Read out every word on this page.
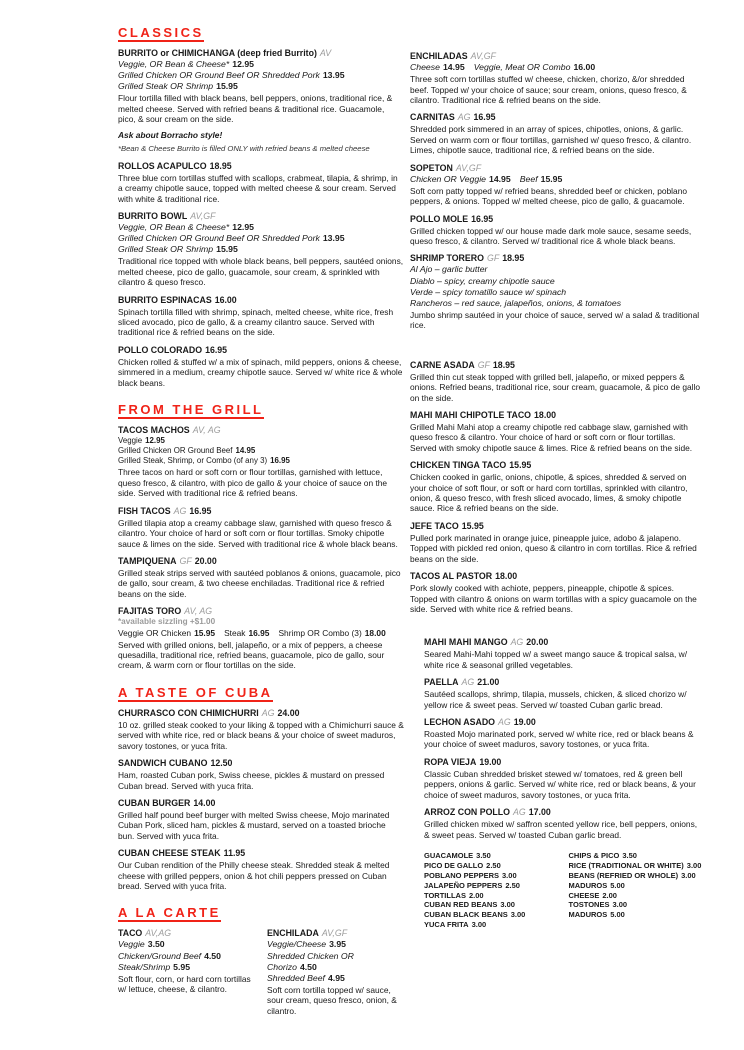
CLASSICS
BURRITO or CHIMICHANGA (deep fried Burrito) AV
Veggie, OR Bean & Cheese* 12.95
Grilled Chicken OR Ground Beef OR Shredded Pork 13.95
Grilled Steak OR Shrimp 15.95
Flour tortilla filled with black beans, bell peppers, onions, traditional rice, & melted cheese. Served with refried beans & traditional rice. Guacamole, pico, & sour cream on the side.
Ask about Borracho style!
*Bean & Cheese Burrito is filled ONLY with refried beans & melted cheese
ROLLOS ACAPULCO 18.95
Three blue corn tortillas stuffed with scallops, crabmeat, tilapia, & shrimp, in a creamy chipotle sauce, topped with melted cheese & sour cream. Served with white & traditional rice.
BURRITO BOWL AV,GF
Veggie, OR Bean & Cheese* 12.95
Grilled Chicken OR Ground Beef OR Shredded Pork 13.95
Grilled Steak OR Shrimp 15.95
Traditional rice topped with whole black beans, bell peppers, sautéed onions, melted cheese, pico de gallo, guacamole, sour cream, & sprinkled with cilantro & queso fresco.
BURRITO ESPINACAS 16.00
Spinach tortilla filled with shrimp, spinach, melted cheese, white rice, fresh sliced avocado, pico de gallo, & a creamy cilantro sauce. Served with traditional rice & refried beans on the side.
POLLO COLORADO 16.95
Chicken rolled & stuffed w/ a mix of spinach, mild peppers, onions & cheese, simmered in a medium, creamy chipotle sauce. Served w/ white rice & whole black beans.
FROM THE GRILL
TACOS MACHOS AV, AG
Veggie 12.95
Grilled Chicken OR Ground Beef 14.95
Grilled Steak, Shrimp, or Combo (of any 3) 16.95
Three tacos on hard or soft corn or flour tortillas, garnished with lettuce, queso fresco, & cilantro, with pico de gallo & your choice of sauce on the side. Served with traditional rice & refried beans.
FISH TACOS AG 16.95
Grilled tilapia atop a creamy cabbage slaw, garnished with queso fresco & cilantro. Your choice of hard or soft corn or flour tortillas. Smoky chipotle sauce & limes on the side. Served with traditional rice & whole black beans.
TAMPIQUENA GF 20.00
Grilled steak strips served with sautéed poblanos & onions, guacamole, pico de gallo, sour cream, & two cheese enchiladas. Traditional rice & refried beans on the side.
FAJITAS TORO AV, AG
*available sizzling +$1.00
Veggie OR Chicken 15.95 Steak 16.95 Shrimp OR Combo (3) 18.00
Served with grilled onions, bell, jalapeño, or a mix of peppers, a cheese quesadilla, traditional rice, refried beans, guacamole, pico de gallo, sour cream, & warm corn or flour tortillas on the side.
A TASTE OF CUBA
CHURRASCO CON CHIMICHURRI AG 24.00
10 oz. grilled steak cooked to your liking & topped with a Chimichurri sauce & served with white rice, red or black beans & your choice of sweet maduros, savory tostones, or yuca frita.
SANDWICH CUBANO 12.50
Ham, roasted Cuban pork, Swiss cheese, pickles & mustard on pressed Cuban bread. Served with yuca frita.
CUBAN BURGER 14.00
Grilled half pound beef burger with melted Swiss cheese, Mojo marinated Cuban Pork, sliced ham, pickles & mustard, served on a toasted brioche bun. Served with yuca frita.
CUBAN CHEESE STEAK 11.95
Our Cuban rendition of the Philly cheese steak. Shredded steak & melted cheese with grilled peppers, onion & hot chili peppers pressed on Cuban bread. Served with yuca frita.
A LA CARTE
TACO AV,AG
Veggie 3.50
Chicken/Ground Beef 4.50
Steak/Shrimp 5.95
Soft flour, corn, or hard corn tortillas w/ lettuce, cheese, & cilantro.
ENCHILADA AV,GF
Veggie/Cheese 3.95
Shredded Chicken OR Chorizo 4.50
Shredded Beef 4.95
Soft corn tortilla topped w/ sauce, sour cream, queso fresco, onion, & cilantro.
ENCHILADAS AV,GF
Cheese 14.95 Veggie, Meat OR Combo 16.00
Three soft corn tortillas stuffed w/ cheese, chicken, chorizo, &/or shredded beef. Topped w/ your choice of sauce; sour cream, onions, queso fresco, & cilantro. Traditional rice & refried beans on the side.
CARNITAS AG 16.95
Shredded pork simmered in an array of spices, chipotles, onions, & garlic. Served on warm corn or flour tortillas, garnished w/ queso fresco, & cilantro. Limes, chipotle sauce, traditional rice, & refried beans on the side.
SOPETON AV,GF
Chicken OR Veggie 14.95 Beef 15.95
Soft corn patty topped w/ refried beans, shredded beef or chicken, poblano peppers, & onions. Topped w/ melted cheese, pico de gallo, & guacamole.
POLLO MOLE 16.95
Grilled chicken topped w/ our house made dark mole sauce, sesame seeds, queso fresco, & cilantro. Served w/ traditional rice & whole black beans.
SHRIMP TORERO GF 18.95
Al Ajo – garlic butter
Diablo – spicy, creamy chipotle sauce
Verde – spicy tomatillo sauce w/ spinach
Rancheros – red sauce, jalapeños, onions, & tomatoes
Jumbo shrimp sautéed in your choice of sauce, served w/ a salad & traditional rice.
CARNE ASADA GF 18.95
Grilled thin cut steak topped with grilled bell, jalapeño, or mixed peppers & onions. Refried beans, traditional rice, sour cream, guacamole, & pico de gallo on the side.
MAHI MAHI CHIPOTLE TACO 18.00
Grilled Mahi Mahi atop a creamy chipotle red cabbage slaw, garnished with queso fresco & cilantro. Your choice of hard or soft corn or flour tortillas. Served with smoky chipotle sauce & limes. Rice & refried beans on the side.
CHICKEN TINGA TACO 15.95
Chicken cooked in garlic, onions, chipotle, & spices, shredded & served on your choice of soft flour, or soft or hard corn tortillas, sprinkled with cilantro, onion, & queso fresco, with fresh sliced avocado, limes, & smoky chipotle sauce. Rice & refried beans on the side.
JEFE TACO 15.95
Pulled pork marinated in orange juice, pineapple juice, adobo & jalapeno. Topped with pickled red onion, queso & cilantro in corn tortillas. Rice & refried beans on the side.
TACOS AL PASTOR 18.00
Pork slowly cooked with achiote, peppers, pineapple, chipotle & spices. Topped with cilantro & onions on warm tortillas with a spicy guacamole on the side. Served with white rice & refried beans.
MAHI MAHI MANGO AG 20.00
Seared Mahi-Mahi topped w/ a sweet mango sauce & tropical salsa, w/ white rice & seasonal grilled vegetables.
PAELLA AG 21.00
Sautéed scallops, shrimp, tilapia, mussels, chicken, & sliced chorizo w/ yellow rice & sweet peas. Served w/ toasted Cuban garlic bread.
LECHON ASADO AG 19.00
Roasted Mojo marinated pork, served w/ white rice, red or black beans & your choice of sweet maduros, savory tostones, or yuca frita.
ROPA VIEJA 19.00
Classic Cuban shredded brisket stewed w/ tomatoes, red & green bell peppers, onions & garlic. Served w/ white rice, red or black beans, & your choice of sweet maduros, savory tostones, or yuca frita.
ARROZ CON POLLO AG 17.00
Grilled chicken mixed w/ saffron scented yellow rice, bell peppers, onions, & sweet peas. Served w/ toasted Cuban garlic bread.
GUACAMOLE 3.50
PICO DE GALLO 2.50
POBLANO PEPPERS 3.00
JALAPEÑO PEPPERS 2.50
TORTILLAS 2.00
CUBAN RED BEANS 3.00
CUBAN BLACK BEANS 3.00
YUCA FRITA 3.00
CHIPS & PICO 3.50
RICE (TRADITIONAL OR WHITE) 3.00
BEANS (REFRIED OR WHOLE) 3.00
MADUROS 5.00
CHEESE 2.00
TOSTONES 3.00
MADUROS 5.00
